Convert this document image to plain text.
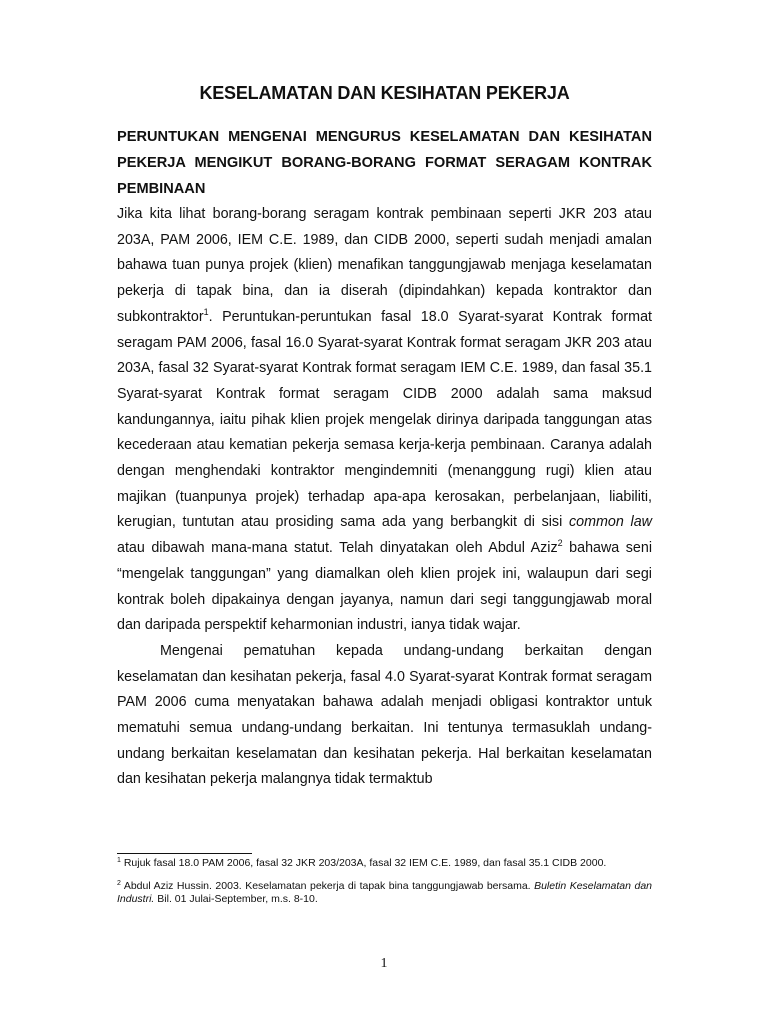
KESELAMATAN DAN KESIHATAN PEKERJA

PERUNTUKAN MENGENAI MENGURUS KESELAMATAN DAN KESIHATAN PEKERJA MENGIKUT BORANG-BORANG FORMAT SERAGAM KONTRAK PEMBINAAN

Jika kita lihat borang-borang seragam kontrak pembinaan seperti JKR 203 atau 203A, PAM 2006, IEM C.E. 1989, dan CIDB 2000, seperti sudah menjadi amalan bahawa tuan punya projek (klien) menafikan tanggungjawab menjaga keselamatan pekerja di tapak bina, dan ia diserah (dipindahkan) kepada kontraktor dan subkontraktor$^1$. Peruntukan-peruntukan fasal 18.0 Syarat-syarat Kontrak format seragam PAM 2006, fasal 16.0 Syarat-syarat Kontrak format seragam JKR 203 atau 203A, fasal 32 Syarat-syarat Kontrak format seragam IEM C.E. 1989, dan fasal 35.1 Syarat-syarat Kontrak format seragam CIDB 2000 adalah sama maksud kandungannya, iaitu pihak klien projek mengelak dirinya daripada tanggungan atas kecederaan atau kematian pekerja semasa kerja-kerja pembinaan. Caranya adalah dengan menghendaki kontraktor mengindemniti (menanggung rugi) klien atau majikan (tuanpunya projek) terhadap apa-apa kerosakan, perbelanjaan, liabiliti, kerugian, tuntutan atau prosiding sama ada yang berbangkit di sisi common law atau dibawah mana-mana statut. Telah dinyatakan oleh Abdul Aziz$^2$ bahawa seni “mengelak tanggungan” yang diamalkan oleh klien projek ini, walaupun dari segi kontrak boleh dipakainya dengan jayanya, namun dari segi tanggungjawab moral dan daripada perspektif keharmonian industri, ianya tidak wajar.

Mengenai pematuhan kepada undang-undang berkaitan dengan keselamatan dan kesihatan pekerja, fasal 4.0 Syarat-syarat Kontrak format seragam PAM 2006 cuma menyatakan bahawa adalah menjadi obligasi kontraktor untuk mematuhi semua undang-undang berkaitan. Ini tentunya termasuklah undang-undang berkaitan keselamatan dan kesihatan pekerja. Hal berkaitan keselamatan dan kesihatan pekerja malangnya tidak termaktub

$^1$ Rujuk fasal 18.0 PAM 2006, fasal 32 JKR 203/203A, fasal 32 IEM C.E. 1989, dan fasal 35.1 CIDB 2000.

$^2$ Abdul Aziz Hussin. 2003. Keselamatan pekerja di tapak bina tanggungjawab bersama. Buletin Keselamatan dan Industri. Bil. 01 Julai-September, m.s. 8-10.

1
